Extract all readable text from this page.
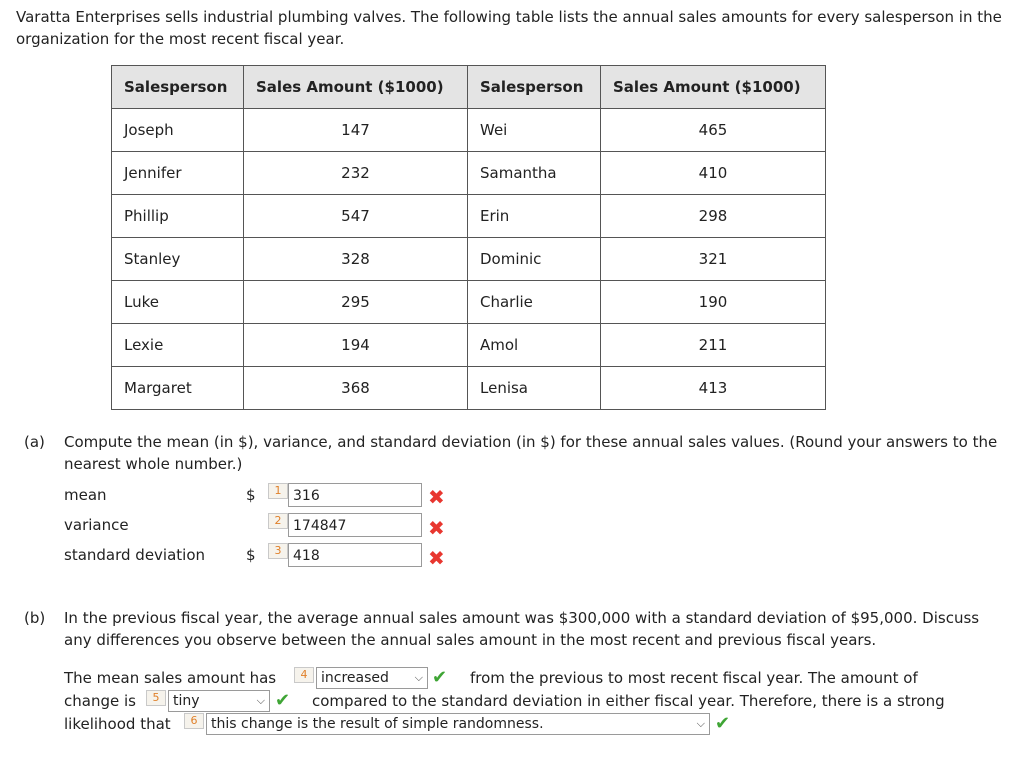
Varatta Enterprises sells industrial plumbing valves. The following table lists the annual sales amounts for every salesperson in the organization for the most recent fiscal year.
Salesperson	Sales Amount ($1000)	Salesperson	Sales Amount ($1000)
Joseph	147	Wei	465
Jennifer	232	Samantha	410
Phillip	547	Erin	298
Stanley	328	Dominic	321
Luke	295	Charlie	190
Lexie	194	Amol	211
Margaret	368	Lenisa	413
(a) Compute the mean (in $), variance, and standard deviation (in $) for these annual sales values. (Round your answers to the nearest whole number.)
mean	$	1 316	✖
variance	2 174847	✖
standard deviation	$	3 418	✖
(b) In the previous fiscal year, the average annual sales amount was $300,000 with a standard deviation of $95,000. Discuss any differences you observe between the annual sales amount in the most recent and previous fiscal years.
The mean sales amount has	4 increased ⌵ ✔ from the previous to most recent fiscal year. The amount of
change is	5 tiny	⌵ ✔ compared to the standard deviation in either fiscal year. Therefore, there is a strong
likelihood that	6 this change is the result of simple randomness.	⌵ ✔
